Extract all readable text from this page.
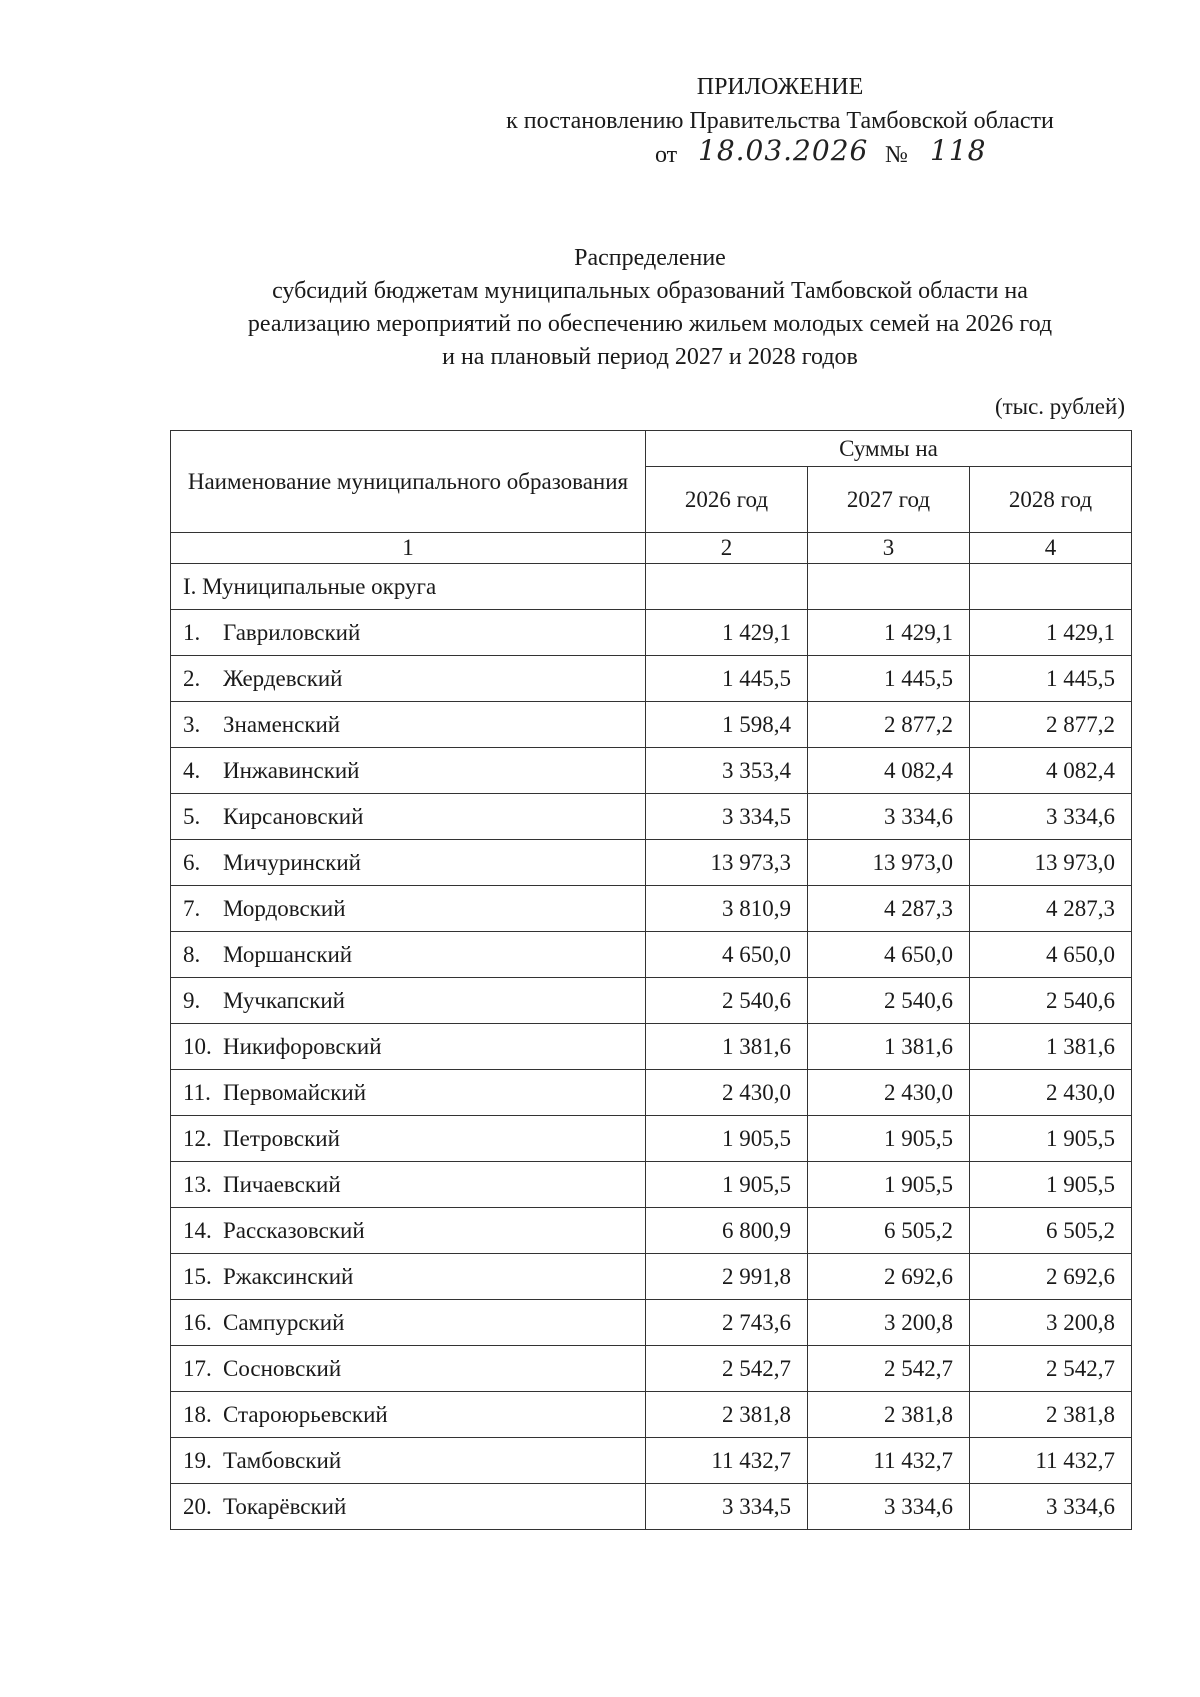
ПРИЛОЖЕНИЕ
к постановлению Правительства Тамбовской области
от 18.03.2026 № 118
Распределение
субсидий бюджетам муниципальных образований Тамбовской области на
реализацию мероприятий по обеспечению жильем молодых семей на 2026 год
и на плановый период 2027 и 2028 годов
(тыс. рублей)
Наименование муниципального образования	Суммы на		
	2026 год	2027 год	2028 год
1	2	3	4
I. Муниципальные округа			
1. Гавриловский	1 429,1	1 429,1	1 429,1
2. Жердевский	1 445,5	1 445,5	1 445,5
3. Знаменский	1 598,4	2 877,2	2 877,2
4. Инжавинский	3 353,4	4 082,4	4 082,4
5. Кирсановский	3 334,5	3 334,6	3 334,6
6. Мичуринский	13 973,3	13 973,0	13 973,0
7. Мордовский	3 810,9	4 287,3	4 287,3
8. Моршанский	4 650,0	4 650,0	4 650,0
9. Мучкапский	2 540,6	2 540,6	2 540,6
10. Никифоровский	1 381,6	1 381,6	1 381,6
11. Первомайский	2 430,0	2 430,0	2 430,0
12. Петровский	1 905,5	1 905,5	1 905,5
13. Пичаевский	1 905,5	1 905,5	1 905,5
14. Рассказовский	6 800,9	6 505,2	6 505,2
15. Ржаксинский	2 991,8	2 692,6	2 692,6
16. Сампурский	2 743,6	3 200,8	3 200,8
17. Сосновский	2 542,7	2 542,7	2 542,7
18. Староюрьевский	2 381,8	2 381,8	2 381,8
19. Тамбовский	11 432,7	11 432,7	11 432,7
20. Токарёвский	3 334,5	3 334,6	3 334,6
